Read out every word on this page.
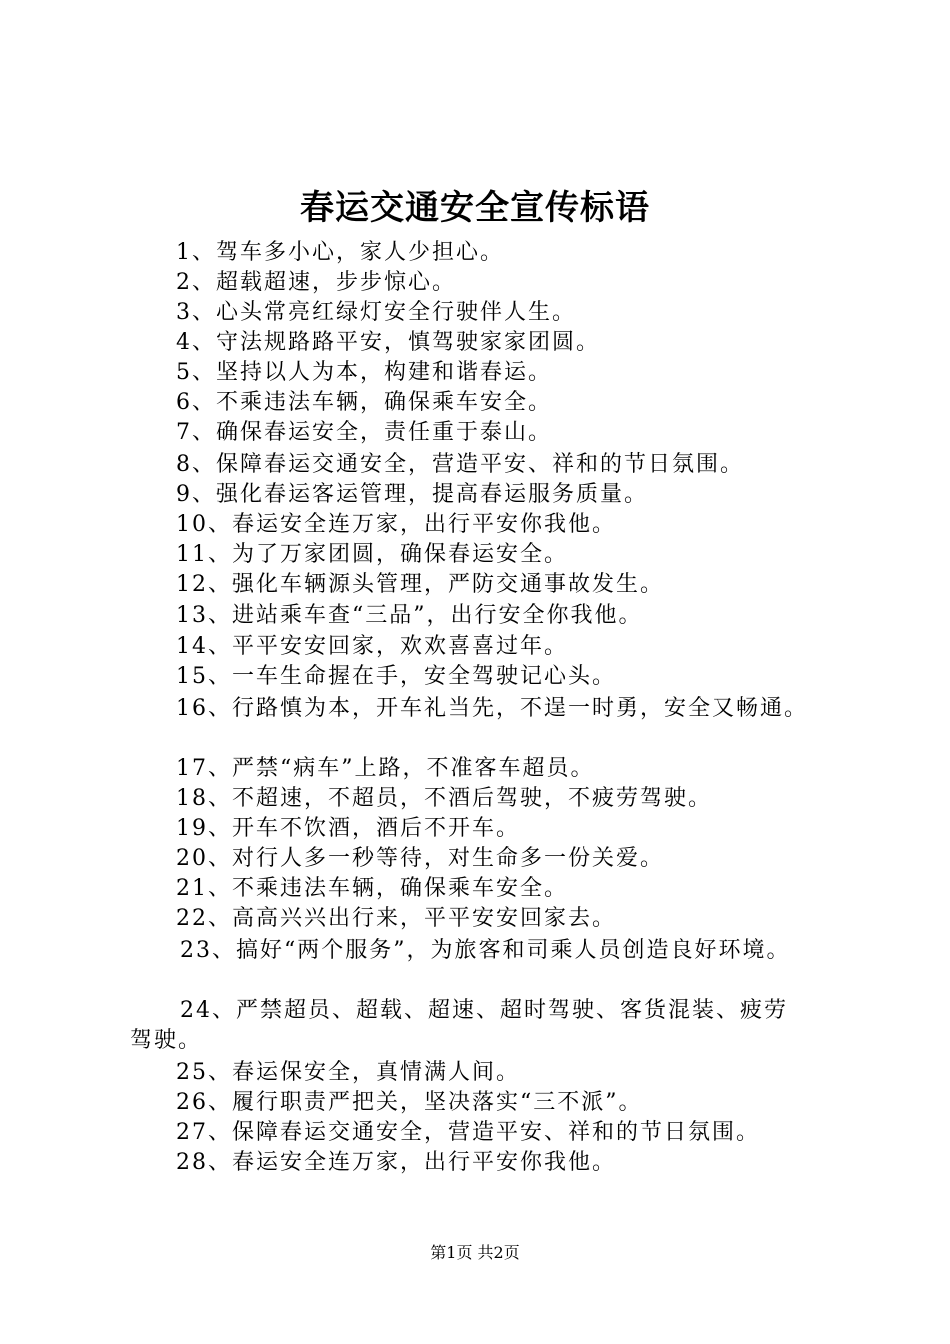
春运交通安全宣传标语
1、驾车多小心，家人少担心。
2、超载超速，步步惊心。
3、心头常亮红绿灯安全行驶伴人生。
4、守法规路路平安，慎驾驶家家团圆。
5、坚持以人为本，构建和谐春运。
6、不乘违法车辆，确保乘车安全。
7、确保春运安全，责任重于泰山。
8、保障春运交通安全，营造平安、祥和的节日氛围。
9、强化春运客运管理，提高春运服务质量。
10、春运安全连万家，出行平安你我他。
11、为了万家团圆，确保春运安全。
12、强化车辆源头管理，严防交通事故发生。
13、进站乘车查“三品”，出行安全你我他。
14、平平安安回家，欢欢喜喜过年。
15、一车生命握在手，安全驾驶记心头。
16、行路慎为本，开车礼当先，不逞一时勇，安全又畅通。
17、严禁“病车”上路，不准客车超员。
18、不超速，不超员，不酒后驾驶，不疲劳驾驶。
19、开车不饮酒，酒后不开车。
20、对行人多一秒等待，对生命多一份关爱。
21、不乘违法车辆，确保乘车安全。
22、高高兴兴出行来，平平安安回家去。
23、搞好“两个服务”，为旅客和司乘人员创造良好环境。
24、严禁超员、超载、超速、超时驾驶、客货混装、疲劳
驾驶。
25、春运保安全，真情满人间。
26、履行职责严把关，坚决落实“三不派”。
27、保障春运交通安全，营造平安、祥和的节日氛围。
28、春运安全连万家，出行平安你我他。
第1页 共2页
